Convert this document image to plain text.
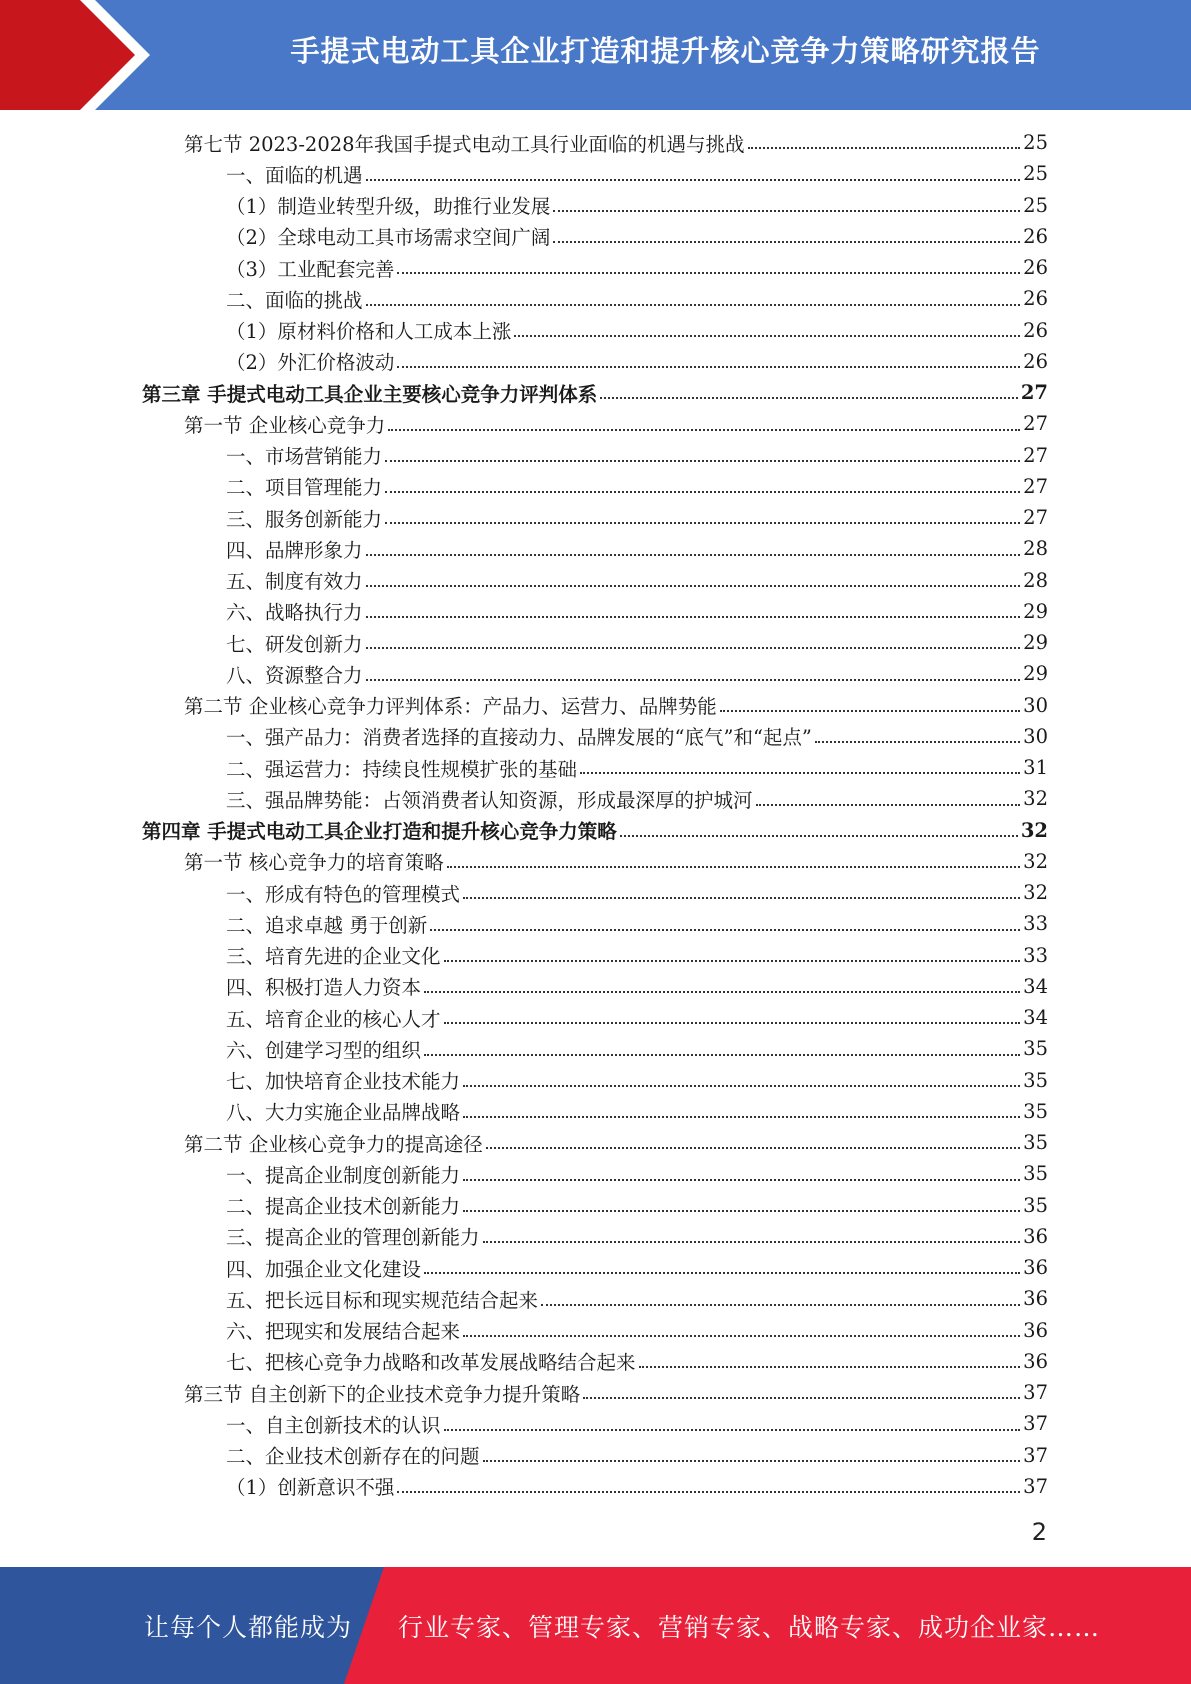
手提式电动工具企业打造和提升核心竞争力策略研究报告
第七节 2023-2028年我国手提式电动工具行业面临的机遇与挑战	25
一、面临的机遇	25
（1）制造业转型升级，助推行业发展	25
（2）全球电动工具市场需求空间广阔	26
（3）工业配套完善	26
二、面临的挑战	26
（1）原材料价格和人工成本上涨	26
（2）外汇价格波动	26
第三章 手提式电动工具企业主要核心竞争力评判体系	27
第一节 企业核心竞争力	27
一、市场营销能力	27
二、项目管理能力	27
三、服务创新能力	27
四、品牌形象力	28
五、制度有效力	28
六、战略执行力	29
七、研发创新力	29
八、资源整合力	29
第二节 企业核心竞争力评判体系：产品力、运营力、品牌势能	30
一、强产品力：消费者选择的直接动力、品牌发展的“底气”和“起点”	30
二、强运营力：持续良性规模扩张的基础	31
三、强品牌势能：占领消费者认知资源，形成最深厚的护城河	32
第四章 手提式电动工具企业打造和提升核心竞争力策略	32
第一节 核心竞争力的培育策略	32
一、形成有特色的管理模式	32
二、追求卓越 勇于创新	33
三、培育先进的企业文化	33
四、积极打造人力资本	34
五、培育企业的核心人才	34
六、创建学习型的组织	35
七、加快培育企业技术能力	35
八、大力实施企业品牌战略	35
第二节 企业核心竞争力的提高途径	35
一、提高企业制度创新能力	35
二、提高企业技术创新能力	35
三、提高企业的管理创新能力	36
四、加强企业文化建设	36
五、把长远目标和现实规范结合起来	36
六、把现实和发展结合起来	36
七、把核心竞争力战略和改革发展战略结合起来	36
第三节 自主创新下的企业技术竞争力提升策略	37
一、自主创新技术的认识	37
二、企业技术创新存在的问题	37
（1）创新意识不强	37
2
让每个人都能成为 行业专家、管理专家、营销专家、战略专家、成功企业家……
